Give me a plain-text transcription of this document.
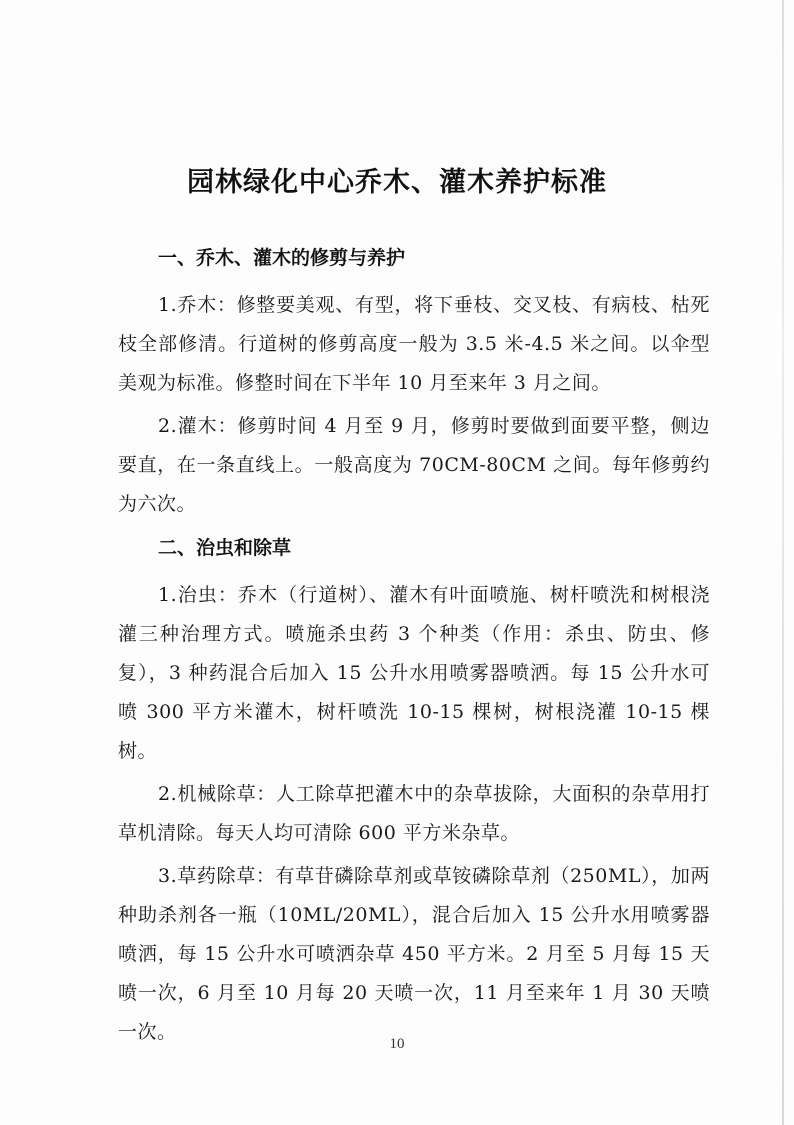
园林绿化中心乔木、灌木养护标准
一、乔木、灌木的修剪与养护

1.乔木：修整要美观、有型，将下垂枝、交叉枝、有病枝、枯死枝全部修清。行道树的修剪高度一般为 3.5 米-4.5 米之间。以伞型美观为标准。修整时间在下半年 10 月至来年 3 月之间。

2.灌木：修剪时间 4 月至 9 月，修剪时要做到面要平整，侧边要直，在一条直线上。一般高度为 70CM-80CM 之间。每年修剪约为六次。

二、治虫和除草

1.治虫：乔木（行道树）、灌木有叶面喷施、树杆喷洗和树根浇灌三种治理方式。喷施杀虫药 3 个种类（作用：杀虫、防虫、修复），3 种药混合后加入 15 公升水用喷雾器喷洒。每 15 公升水可喷 300 平方米灌木，树杆喷洗 10-15 棵树，树根浇灌 10-15 棵树。

2.机械除草：人工除草把灌木中的杂草拔除，大面积的杂草用打草机清除。每天人均可清除 600 平方米杂草。

3.草药除草：有草苷磷除草剂或草铵磷除草剂（250ML），加两种助杀剂各一瓶（10ML/20ML），混合后加入 15 公升水用喷雾器喷洒，每 15 公升水可喷洒杂草 450 平方米。2 月至 5 月每 15 天喷一次，6 月至 10 月每 20 天喷一次，11 月至来年 1 月 30 天喷一次。

10
